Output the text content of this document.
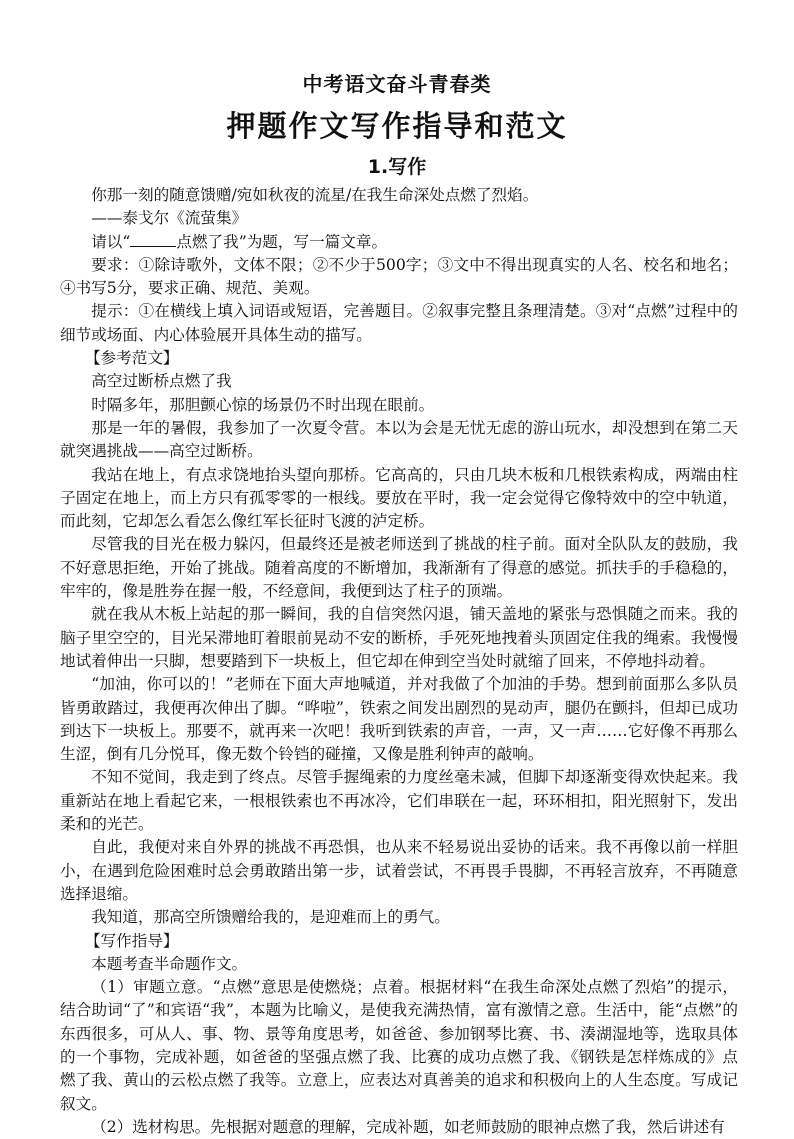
中考语文奋斗青春类
押题作文写作指导和范文
1.写作

你那一刻的随意馈赠/宛如秋夜的流星/在我生命深处点燃了烈焰。

——泰戈尔《流萤集》

请以“	点燃了我”为题，写一篇文章。

要求：①除诗歌外，文体不限；②不少于500字；③文中不得出现真实的人名、校名和地名；④书写5分，要求正确、规范、美观。

提示：①在横线上填入词语或短语，完善题目。②叙事完整且条理清楚。③对“点燃”过程中的细节或场面、内心体验展开具体生动的描写。

【参考范文】

高空过断桥点燃了我

时隔多年，那胆颤心惊的场景仍不时出现在眼前。

那是一年的暑假，我参加了一次夏令营。本以为会是无忧无虑的游山玩水，却没想到在第二天就突遇挑战——高空过断桥。

我站在地上，有点求饶地抬头望向那桥。它高高的，只由几块木板和几根铁索构成，两端由柱子固定在地上，而上方只有孤零零的一根线。要放在平时，我一定会觉得它像特效中的空中轨道，而此刻，它却怎么看怎么像红军长征时飞渡的泸定桥。

尽管我的目光在极力躲闪，但最终还是被老师送到了挑战的柱子前。面对全队队友的鼓励，我不好意思拒绝，开始了挑战。随着高度的不断增加，我渐渐有了得意的感觉。抓扶手的手稳稳的，牢牢的，像是胜券在握一般，不经意间，我便到达了柱子的顶端。

就在我从木板上站起的那一瞬间，我的自信突然闪退，铺天盖地的紧张与恐惧随之而来。我的脑子里空空的，目光呆滞地盯着眼前晃动不安的断桥，手死死地拽着头顶固定住我的绳索。我慢慢地试着伸出一只脚，想要踏到下一块板上，但它却在伸到空当处时就缩了回来，不停地抖动着。

“加油，你可以的！”老师在下面大声地喊道，并对我做了个加油的手势。想到前面那么多队员皆勇敢踏过，我便再次伸出了脚。“哗啦”，铁索之间发出剧烈的晃动声，腿仍在颤抖，但却已成功到达下一块板上。那要不，就再来一次吧！我听到铁索的声音，一声，又一声……它好像不再那么生涩，倒有几分悦耳，像无数个铃铛的碰撞，又像是胜利钟声的敲响。

不知不觉间，我走到了终点。尽管手握绳索的力度丝毫未减，但脚下却逐渐变得欢快起来。我重新站在地上看起它来，一根根铁索也不再冰冷，它们串联在一起，环环相扣，阳光照射下，发出柔和的光芒。

自此，我便对来自外界的挑战不再恐惧，也从来不轻易说出妥协的话来。我不再像以前一样胆小，在遇到危险困难时总会勇敢踏出第一步，试着尝试，不再畏手畏脚，不再轻言放弃，不再随意选择退缩。

我知道，那高空所馈赠给我的，是迎难而上的勇气。

【写作指导】

本题考查半命题作文。

（1）审题立意。“点燃”意思是使燃烧；点着。根据材料“在我生命深处点燃了烈焰”的提示，结合助词“了”和宾语“我”，本题为比喻义，是使我充满热情，富有激情之意。生活中，能“点燃”的东西很多，可从人、事、物、景等角度思考，如爸爸、参加钢琴比赛、书、湊湖湿地等，选取具体的一个事物，完成补题，如爸爸的坚强点燃了我、比赛的成功点燃了我、《钢铁是怎样炼成的》点燃了我、黄山的云松点燃了我等。立意上，应表达对真善美的追求和积极向上的人生态度。写成记叙文。

（2）选材构思。先根据对题意的理解，完成补题，如老师鼓励的眼神点燃了我，然后讲述有
